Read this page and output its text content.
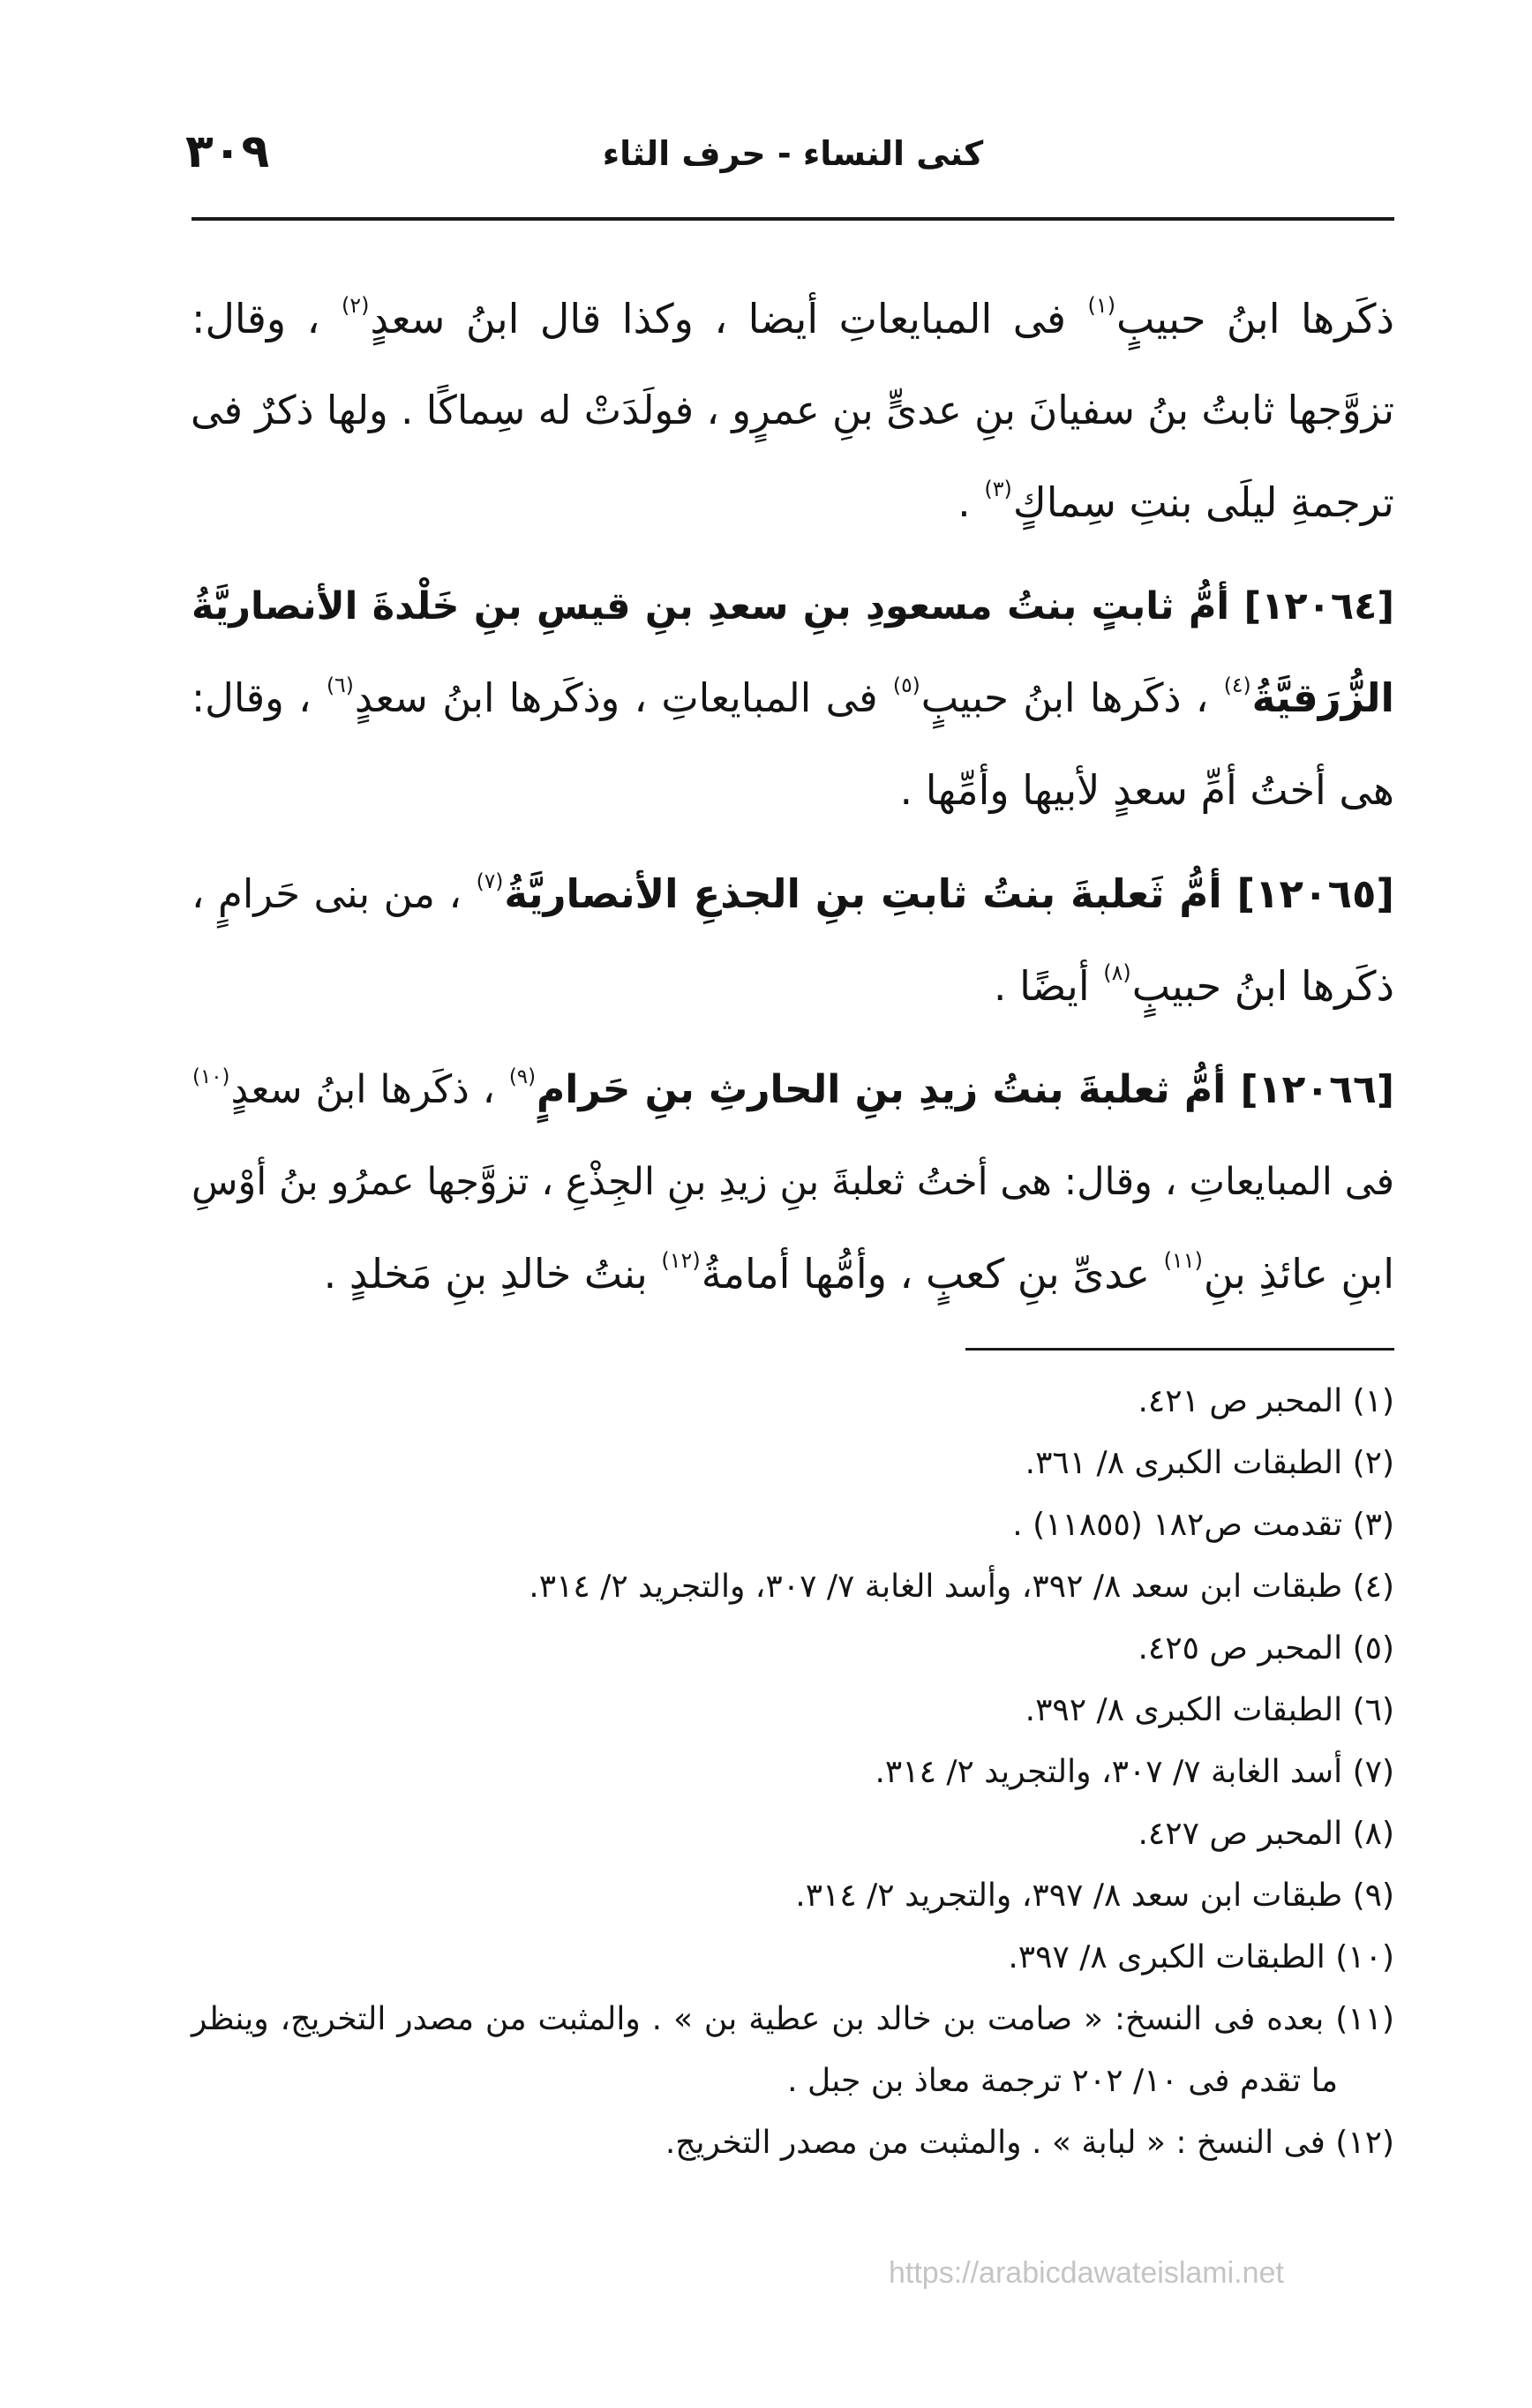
كنى النساء - حرف الثاء
٣٠٩
ذكَرها ابنُ حبيبٍ$^{(١)}$ فى المبايعاتِ أيضا ، وكذا قال ابنُ سعدٍ$^{(٢)}$ ، وقال:
تزوَّجها ثابتُ بنُ سفيانَ بنِ عدىٍّ بنِ عمرٍو ، فولَدَتْ له سِماكًا . ولها ذكرٌ فى
ترجمةِ ليلَى بنتِ سِماكٍ$^{(٣)}$ .
[١٢٠٦٤] أمُّ ثابتٍ بنتُ مسعودِ بنِ سعدِ بنِ قيسِ بنِ خَلْدةَ الأنصاريَّةُ
الزُّرَقيَّةُ$^{(٤)}$ ، ذكَرها ابنُ حبيبٍ$^{(٥)}$ فى المبايعاتِ ، وذكَرها ابنُ سعدٍ$^{(٦)}$ ، وقال:
هى أختُ أمِّ سعدٍ لأبيها وأمِّها .
[١٢٠٦٥] أمُّ ثَعلبةَ بنتُ ثابتِ بنِ الجذعِ الأنصاريَّةُ$^{(٧)}$ ، من بنى حَرامٍ ،
ذكَرها ابنُ حبيبٍ$^{(٨)}$ أيضًا .
[١٢٠٦٦] أمُّ ثعلبةَ بنتُ زيدِ بنِ الحارثِ بنِ حَرامٍ$^{(٩)}$ ، ذكَرها ابنُ سعدٍ$^{(١٠)}$
فى المبايعاتِ ، وقال: هى أختُ ثعلبةَ بنِ زيدِ بنِ الجِذْعِ ، تزوَّجها عمرُو بنُ أوْسِ
ابنِ عائذِ بنِ$^{(١١)}$ عدىِّ بنِ كعبٍ ، وأمُّها أمامةُ$^{(١٢)}$ بنتُ خالدِ بنِ مَخلدٍ .
(١) المحبر ص ٤٢١.
(٢) الطبقات الكبرى ٨/ ٣٦١.
(٣) تقدمت ص١٨٢ (١١٨٥٥) .
(٤) طبقات ابن سعد ٨/ ٣٩٢، وأسد الغابة ٧/ ٣٠٧، والتجريد ٢/ ٣١٤.
(٥) المحبر ص ٤٢٥.
(٦) الطبقات الكبرى ٨/ ٣٩٢.
(٧) أسد الغابة ٧/ ٣٠٧، والتجريد ٢/ ٣١٤.
(٨) المحبر ص ٤٢٧.
(٩) طبقات ابن سعد ٨/ ٣٩٧، والتجريد ٢/ ٣١٤.
(١٠) الطبقات الكبرى ٨/ ٣٩٧.
(١١) بعده فى النسخ: « صامت بن خالد بن عطية بن » . والمثبت من مصدر التخريج، وينظر ما تقدم فى ١٠/ ٢٠٢ ترجمة معاذ بن جبل .
(١٢) فى النسخ : « لبابة » . والمثبت من مصدر التخريج.
https://arabicdawateislami.net
